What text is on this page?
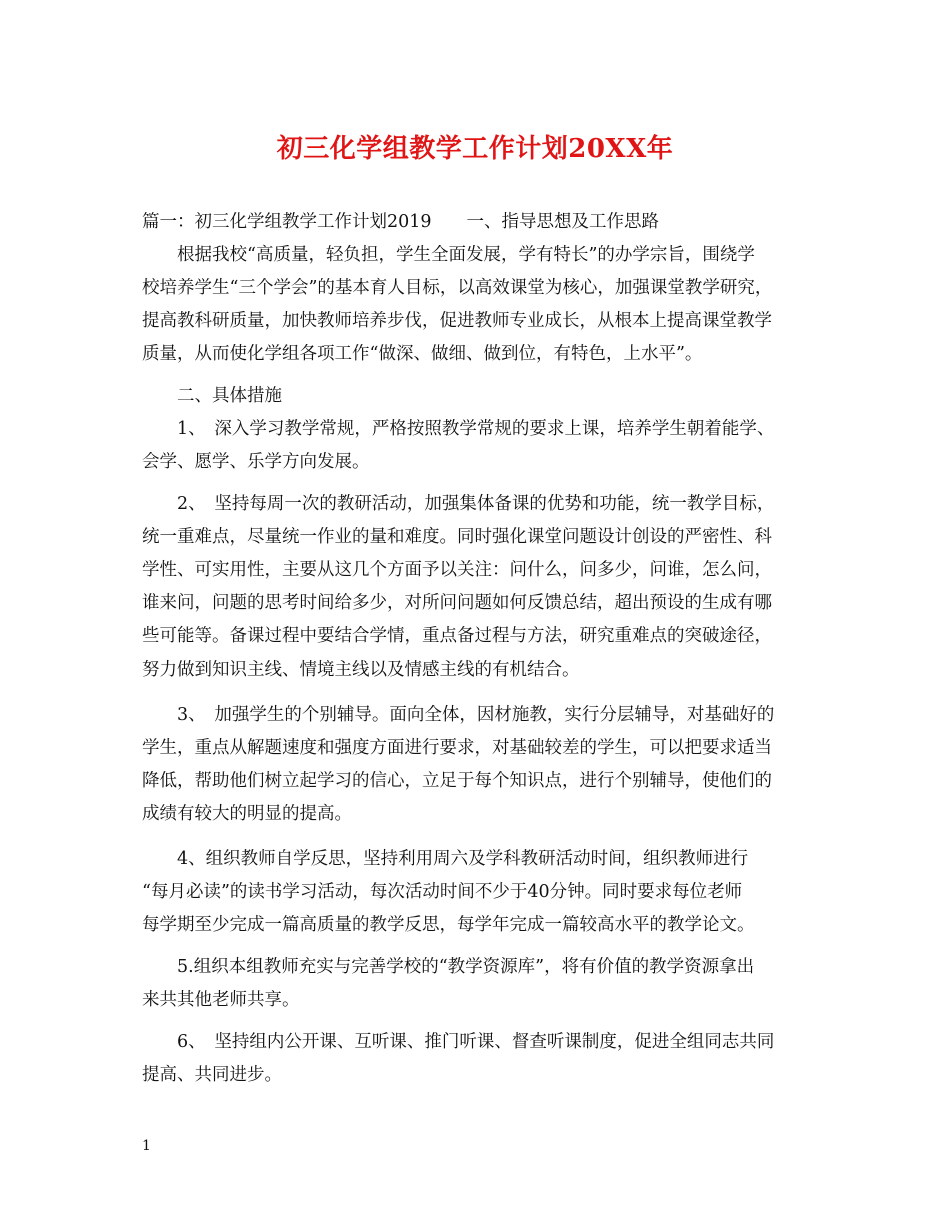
初三化学组教学工作计划20XX年

篇一：初三化学组教学工作计划2019　　一、指导思想及工作思路

　　根据我校“高质量，轻负担，学生全面发展，学有特长”的办学宗旨，围绕学

校培养学生“三个学会”的基本育人目标，以高效课堂为核心，加强课堂教学研究，

提高教科研质量，加快教师培养步伐，促进教师专业成长，从根本上提高课堂教学

质量，从而使化学组各项工作“做深、做细、做到位，有特色，上水平”。

　　二、具体措施

　　1、　深入学习教学常规，严格按照教学常规的要求上课，培养学生朝着能学、

会学、愿学、乐学方向发展。

　　2、　坚持每周一次的教研活动，加强集体备课的优势和功能，统一教学目标，

统一重难点，尽量统一作业的量和难度。同时强化课堂问题设计创设的严密性、科

学性、可实用性，主要从这几个方面予以关注：问什么，问多少，问谁，怎么问，

谁来问，问题的思考时间给多少，对所问问题如何反馈总结，超出预设的生成有哪

些可能等。备课过程中要结合学情，重点备过程与方法，研究重难点的突破途径，

努力做到知识主线、情境主线以及情感主线的有机结合。

　　3、　加强学生的个别辅导。面向全体，因材施教，实行分层辅导，对基础好的

学生，重点从解题速度和强度方面进行要求，对基础较差的学生，可以把要求适当

降低，帮助他们树立起学习的信心，立足于每个知识点，进行个别辅导，使他们的

成绩有较大的明显的提高。

　　4、组织教师自学反思，坚持利用周六及学科教研活动时间，组织教师进行

“每月必读”的读书学习活动，每次活动时间不少于40分钟。同时要求每位老师

每学期至少完成一篇高质量的教学反思，每学年完成一篇较高水平的教学论文。

　　5.组织本组教师充实与完善学校的“教学资源库”，将有价值的教学资源拿出

来共其他老师共享。

　　6、　坚持组内公开课、互听课、推门听课、督查听课制度，促进全组同志共同

提高、共同进步。

1
